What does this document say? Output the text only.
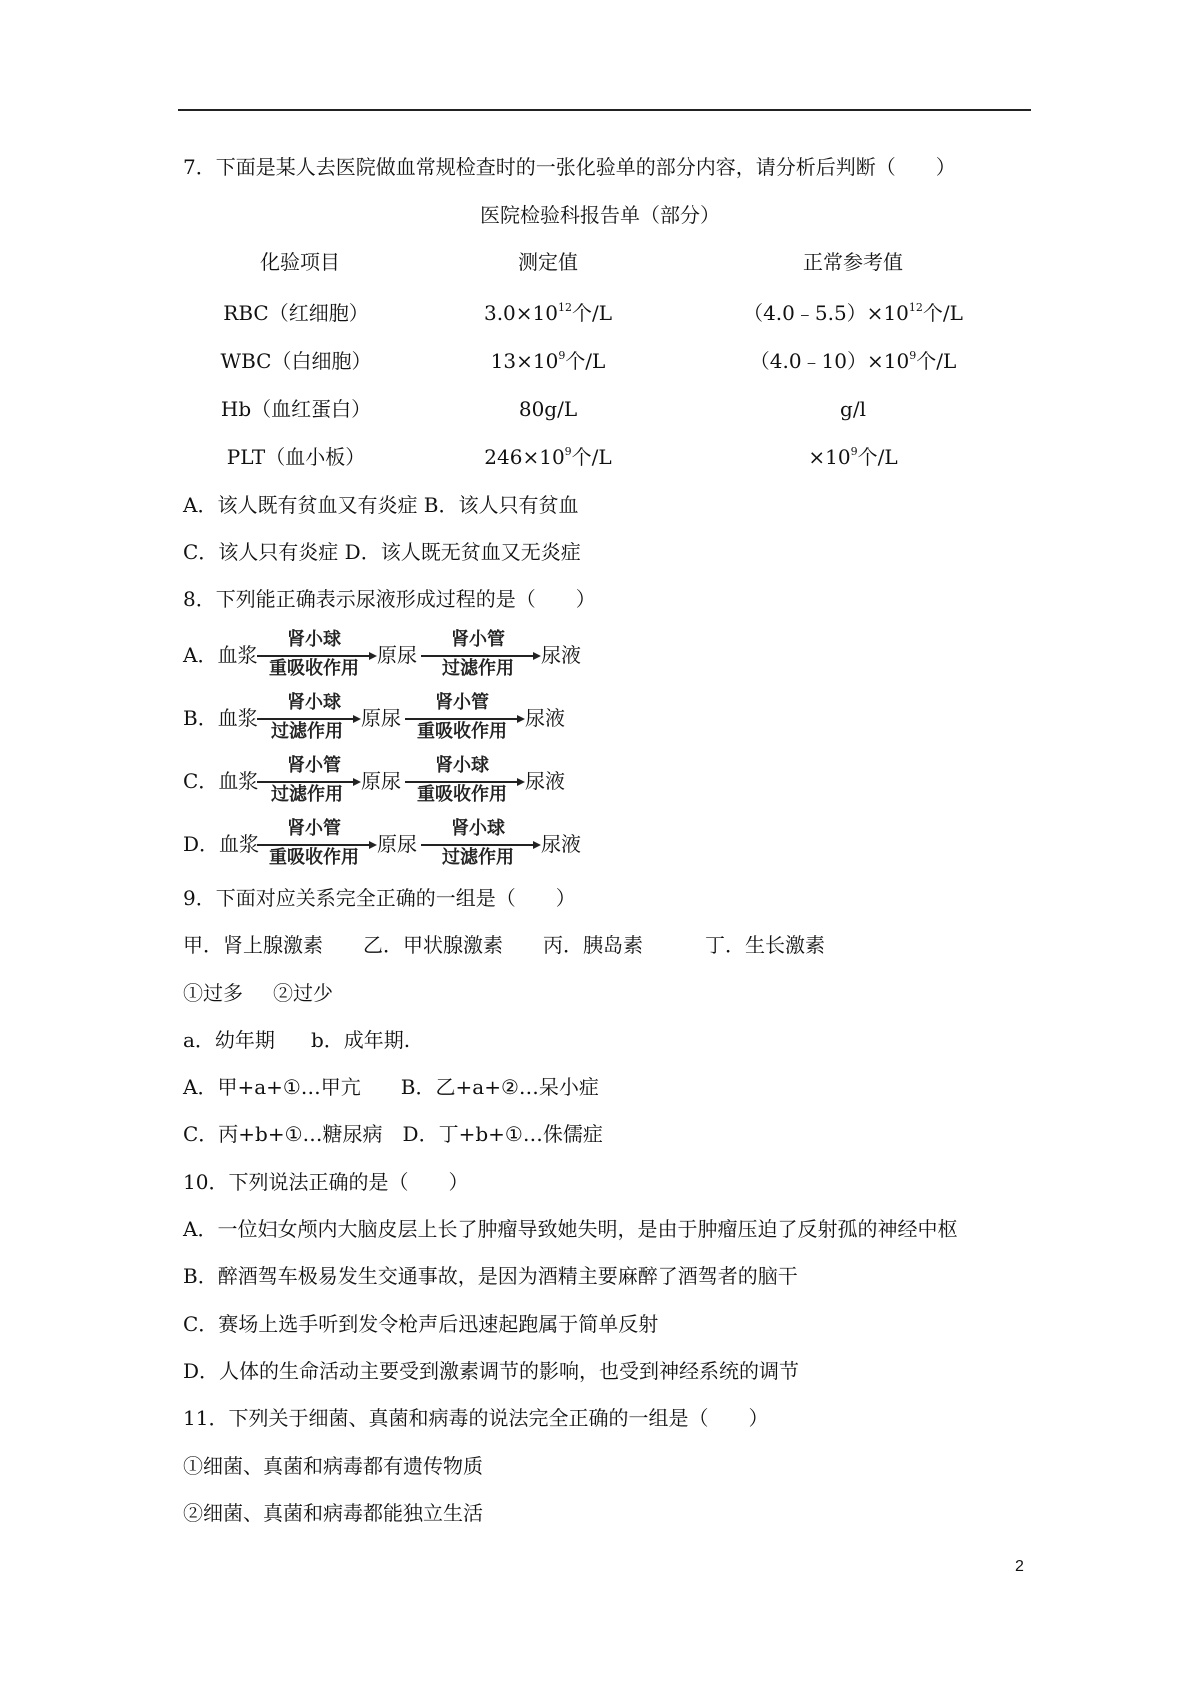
7．下面是某人去医院做血常规检查时的一张化验单的部分内容，请分析后判断（　　）
医院检验科报告单（部分）
化验项目	测定值	正常参考值
RBC（红细胞）	$3.0\times 10^{12}$个/L	$(4.0﹣5.5)\times 10^{12}$个/L
WBC（白细胞）	$13\times 10^9$个/L	$(4.0﹣10)\times 10^9$个/L
Hb（血红蛋白）	80g/L	g/l
PLT（血小板）	$246\times 10^9$个/L	$\times 10^9$个/L
A．该人既有贫血又有炎症 B．该人只有贫血
C．该人只有炎症 D．该人既无贫血又无炎症
8．下列能正确表示尿液形成过程的是（　　）
A．血浆
肾小球
重吸收作用
原尿
肾小管
过滤作用
尿液
B．血浆
肾小球
过滤作用
原尿
肾小管
重吸收作用
尿液
C．血浆
肾小管
过滤作用
原尿
肾小球
重吸收作用
尿液
D．血浆
肾小管
重吸收作用
原尿
肾小球
过滤作用
尿液
9．下面对应关系完全正确的一组是（　　）
甲．肾上腺激素 乙．甲状腺激素 丙．胰岛素	丁．生长激素
①过多 ②过少
a．幼年期 b．成年期.
A．甲+a+①…甲亢　　B．乙+a+②…呆小症
C．丙+b+①…糖尿病　D．丁+b+①…侏儒症
10．下列说法正确的是（　　）
A．一位妇女颅内大脑皮层上长了肿瘤导致她失明，是由于肿瘤压迫了反射孤的神经中枢
B．醉酒驾车极易发生交通事故，是因为酒精主要麻醉了酒驾者的脑干
C．赛场上选手听到发令枪声后迅速起跑属于简单反射
D．人体的生命活动主要受到激素调节的影响，也受到神经系统的调节
11．下列关于细菌、真菌和病毒的说法完全正确的一组是（　　）
①细菌、真菌和病毒都有遗传物质
②细菌、真菌和病毒都能独立生活
2
